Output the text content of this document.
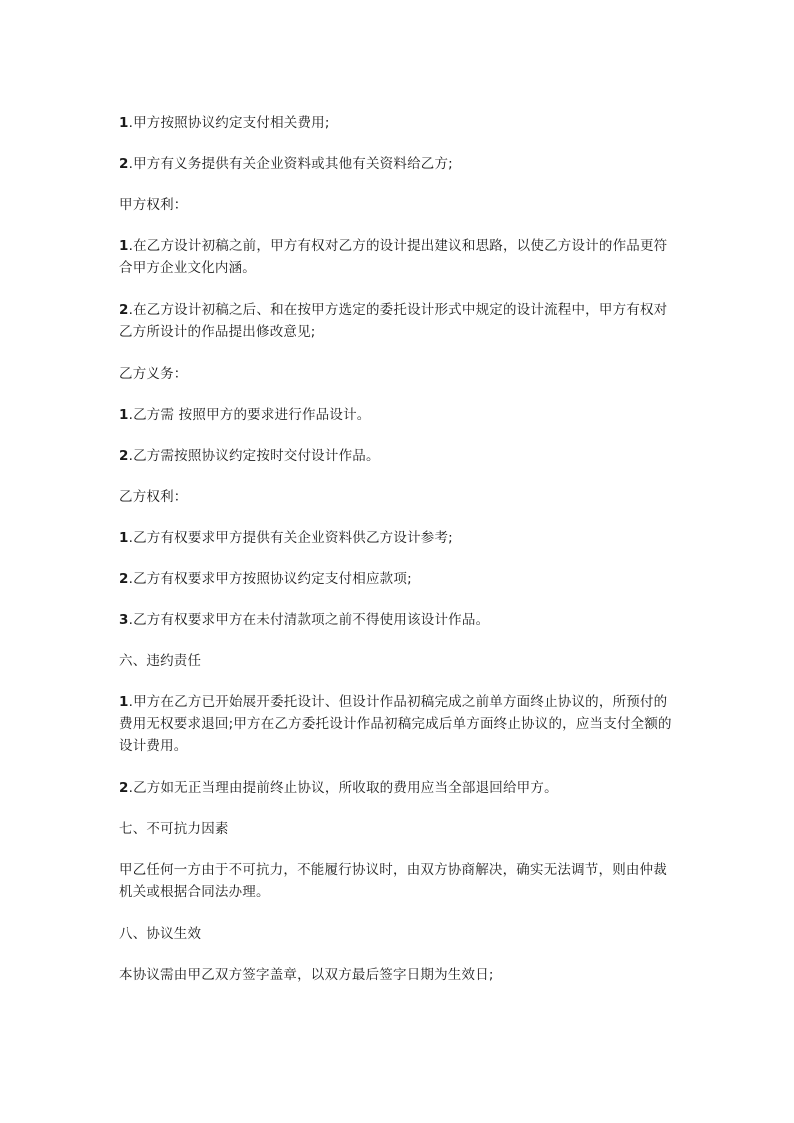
1.甲方按照协议约定支付相关费用;

2.甲方有义务提供有关企业资料或其他有关资料给乙方;

甲方权利：

1.在乙方设计初稿之前，甲方有权对乙方的设计提出建议和思路，以使乙方设计的作品更符合甲方企业文化内涵。

2.在乙方设计初稿之后、和在按甲方选定的委托设计形式中规定的设计流程中，甲方有权对乙方所设计的作品提出修改意见;

乙方义务：

1.乙方需 按照甲方的要求进行作品设计。

2.乙方需按照协议约定按时交付设计作品。

乙方权利：

1.乙方有权要求甲方提供有关企业资料供乙方设计参考;

2.乙方有权要求甲方按照协议约定支付相应款项;

3.乙方有权要求甲方在未付清款项之前不得使用该设计作品。

六、违约责任

1.甲方在乙方已开始展开委托设计、但设计作品初稿完成之前单方面终止协议的，所预付的费用无权要求退回;甲方在乙方委托设计作品初稿完成后单方面终止协议的，应当支付全额的设计费用。

2.乙方如无正当理由提前终止协议，所收取的费用应当全部退回给甲方。

七、不可抗力因素

甲乙任何一方由于不可抗力，不能履行协议时，由双方协商解决，确实无法调节，则由仲裁机关或根据合同法办理。

八、协议生效

本协议需由甲乙双方签字盖章，以双方最后签字日期为生效日;
